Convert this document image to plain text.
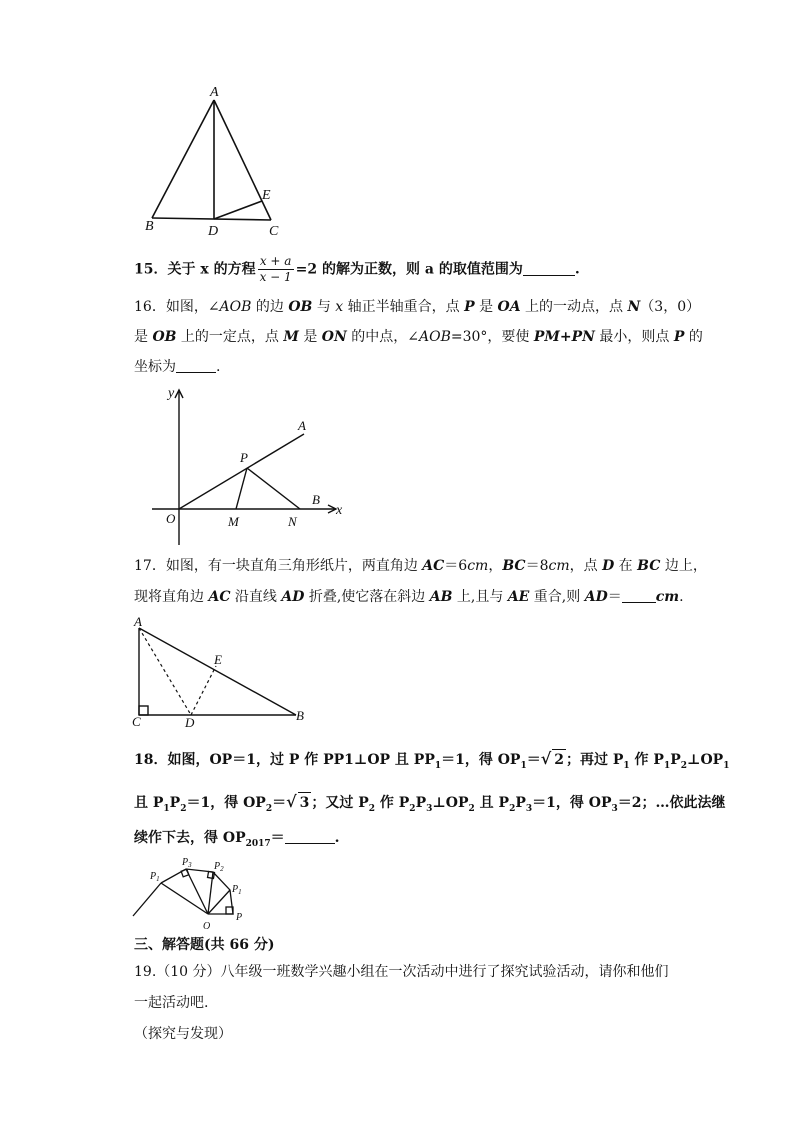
A
B	C
D
E
15．关于 x 的方程 $\frac{x + a}{x - 1} =2$ 的解为正数，则 a 的取值范围为	.
16．如图，∠AOB 的边 OB 与 x 轴正半轴重合，点 P 是 OA 上的一动点，点 N（3，0）
是 OB 上的一定点，点 M 是 ON 的中点，∠AOB=30°，要使 PM+PN 最小，则点 P 的
坐标为	.
y
x
A
P
B
O	M	N
17．如图，有一块直角三角形纸片，两直角边 AC＝6cm，BC＝8cm，点 D 在 BC 边上，
现将直角边 AC 沿直线 AD 折叠,使它落在斜边 AB 上,且与 AE 重合,则 AD＝ cm.
A
E
C	D	B
18．如图，OP＝1，过 P 作 PP1⊥OP 且 $PP_1=1$，得 $OP_1=√$ 2 ；再过 $P_1$ 作 $P_1P_2\perp OP_1$
且 $P_1P_2=1$，得 $OP_2=√$ 3 ；又过 $P_2$ 作 $P_2P_3\perp OP_2$ 且 $P_2P_3=1$，得 $OP_3=2$；…依此法继
续作下去，得 $OP_{2017}=$	.
$P_1$
$P_3$ $P_2$
$P_1$
P
O
三、解答题(共 66 分)
19.（10 分）八年级一班数学兴趣小组在一次活动中进行了探究试验活动，请你和他们
一起活动吧.
（探究与发现）
